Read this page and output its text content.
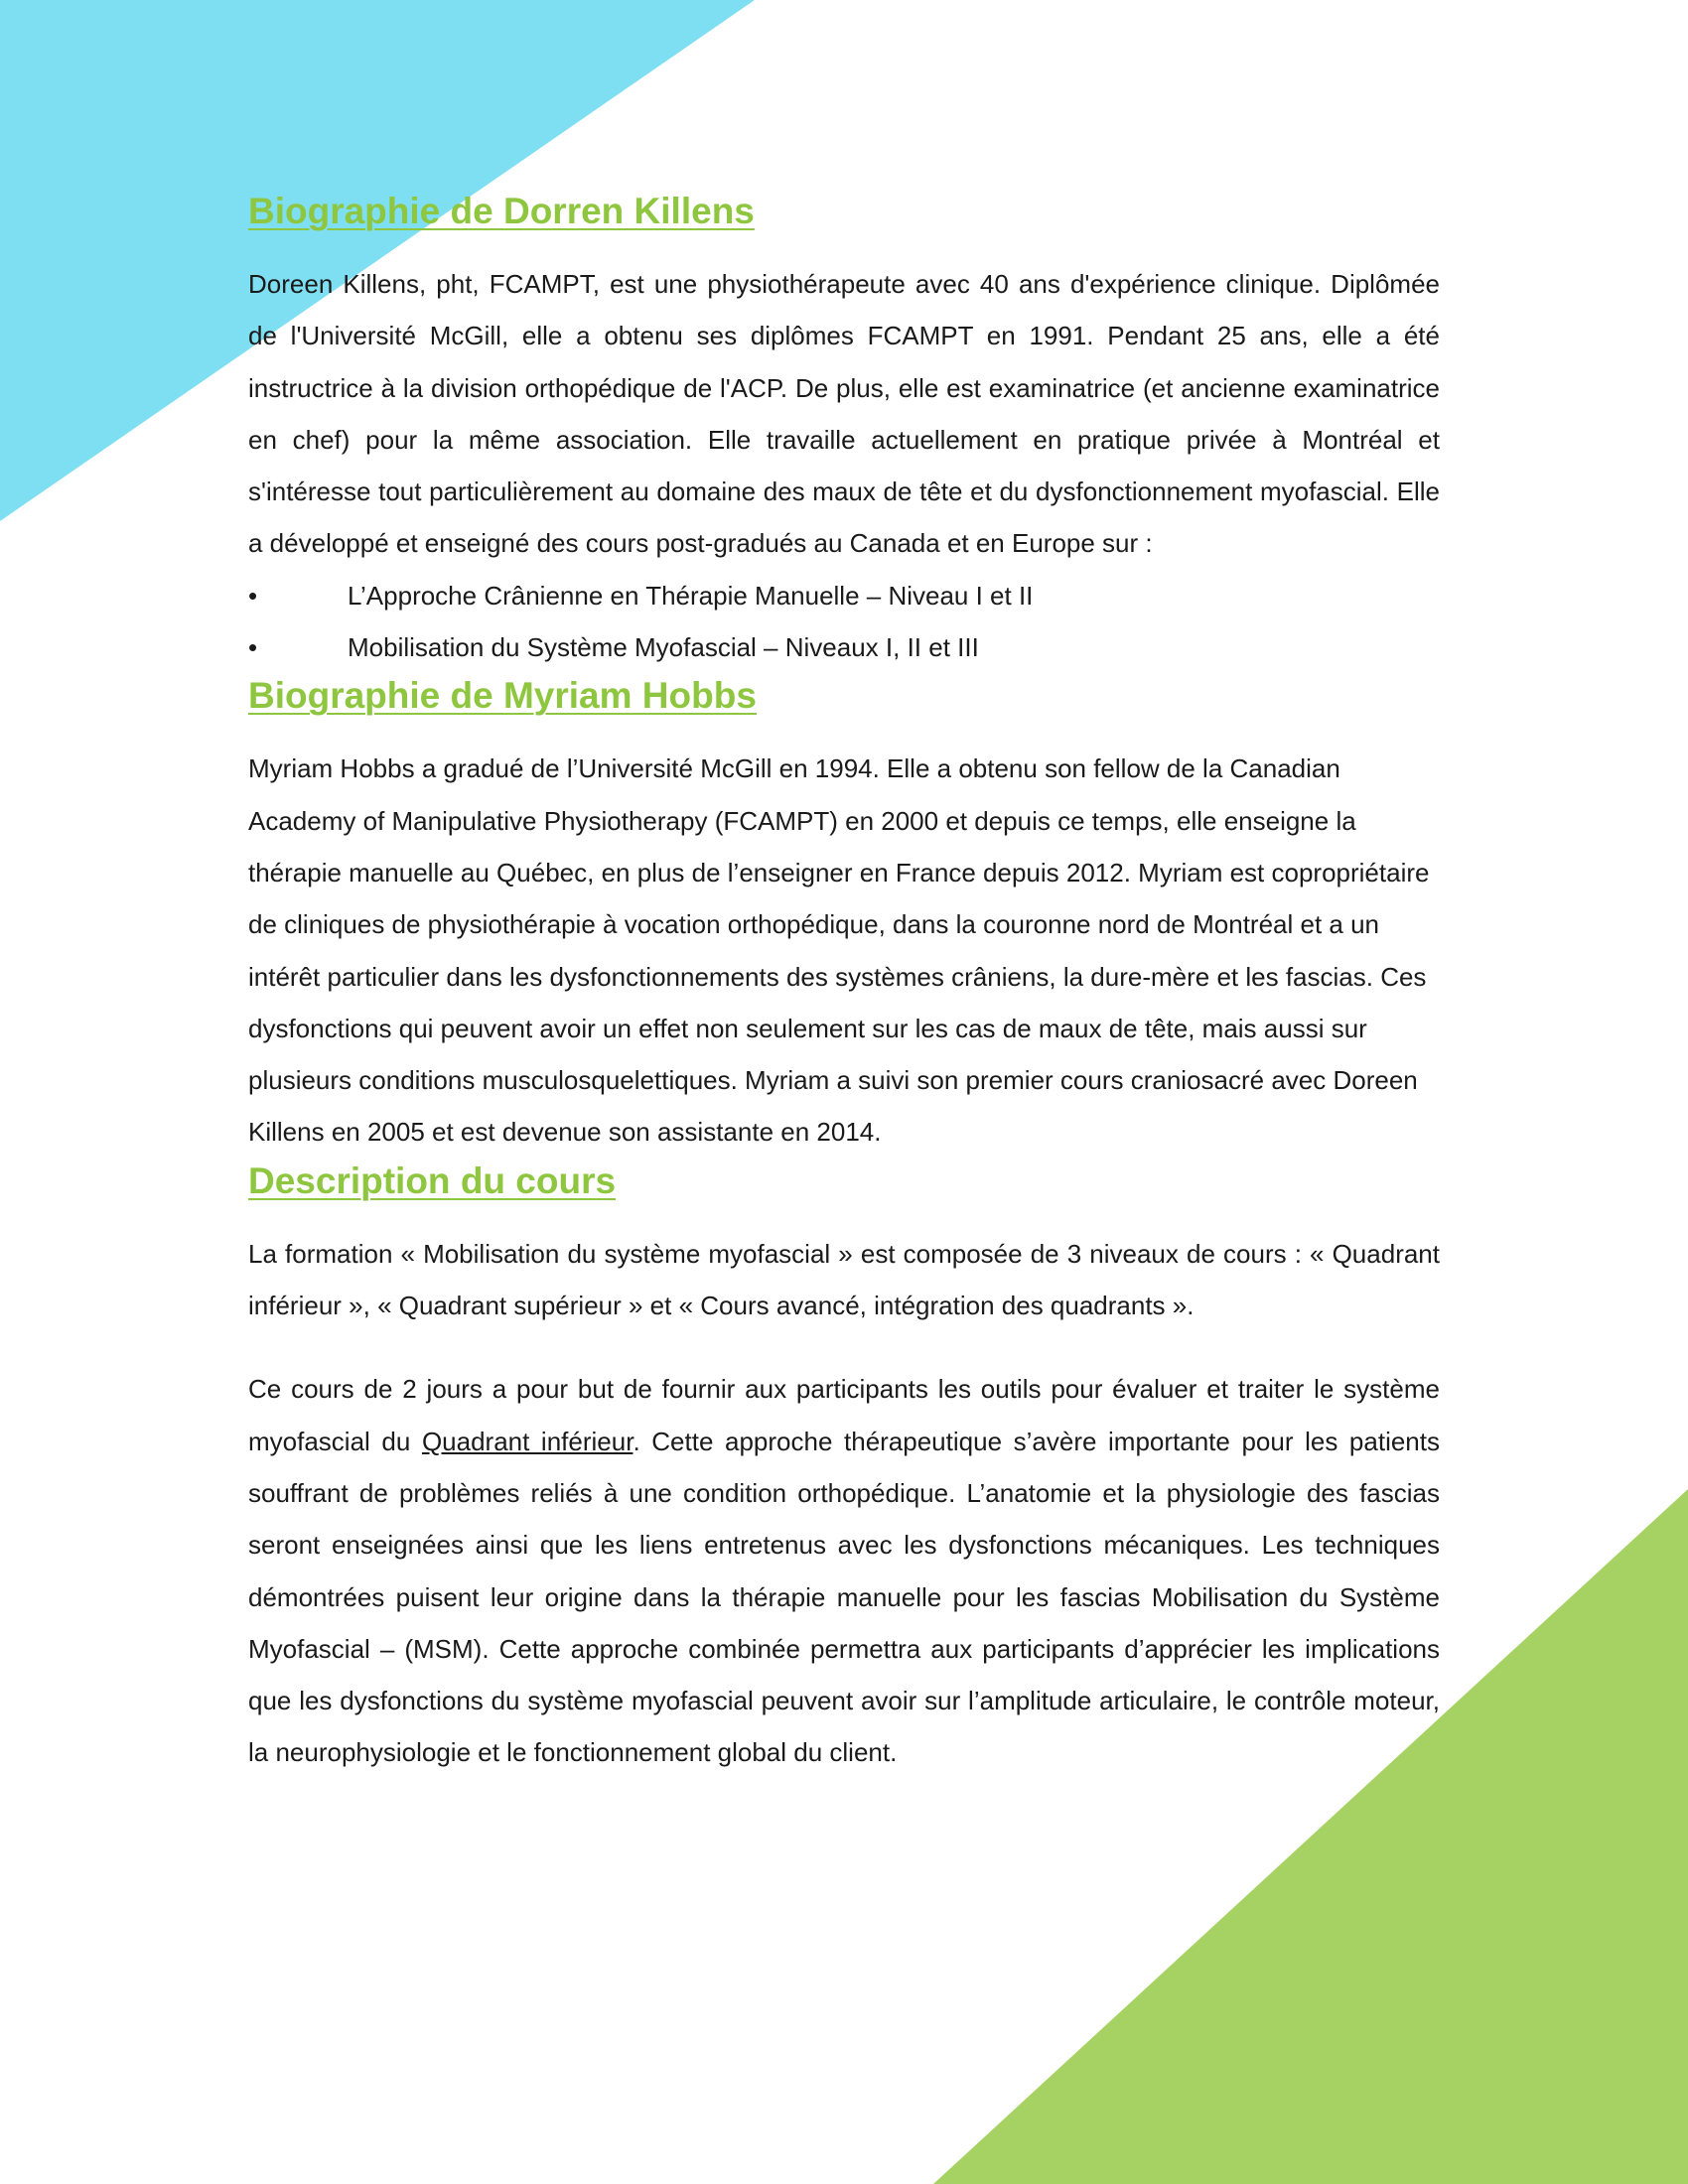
Biographie de Dorren Killens

Doreen Killens, pht, FCAMPT, est une physiothérapeute avec 40 ans d'expérience clinique. Diplômée de l'Université McGill, elle a obtenu ses diplômes FCAMPT en 1991. Pendant 25 ans, elle a été instructrice à la division orthopédique de l'ACP. De plus, elle est examinatrice (et ancienne examinatrice en chef) pour la même association. Elle travaille actuellement en pratique privée à Montréal et s'intéresse tout particulièrement au domaine des maux de tête et du dysfonctionnement myofascial. Elle a développé et enseigné des cours post-gradués au Canada et en Europe sur :

•	L’Approche Crânienne en Thérapie Manuelle – Niveau I et II
•	Mobilisation du Système Myofascial – Niveaux I, II et III
Biographie de Myriam Hobbs

Myriam Hobbs a gradué de l’Université McGill en 1994. Elle a obtenu son fellow de la Canadian Academy of Manipulative Physiotherapy (FCAMPT) en 2000 et depuis ce temps, elle enseigne la thérapie manuelle au Québec, en plus de l’enseigner en France depuis 2012. Myriam est copropriétaire de cliniques de physiothérapie à vocation orthopédique, dans la couronne nord de Montréal et a un intérêt particulier dans les dysfonctionnements des systèmes crâniens, la dure-mère et les fascias. Ces dysfonctions qui peuvent avoir un effet non seulement sur les cas de maux de tête, mais aussi sur plusieurs conditions musculosquelettiques. Myriam a suivi son premier cours craniosacré avec Doreen Killens en 2005 et est devenue son assistante en 2014.

Description du cours

La formation « Mobilisation du système myofascial » est composée de 3 niveaux de cours : « Quadrant inférieur », « Quadrant supérieur » et « Cours avancé, intégration des quadrants ».

Ce cours de 2 jours a pour but de fournir aux participants les outils pour évaluer et traiter le système myofascial du Quadrant inférieur. Cette approche thérapeutique s’avère importante pour les patients souffrant de problèmes reliés à une condition orthopédique. L’anatomie et la physiologie des fascias seront enseignées ainsi que les liens entretenus avec les dysfonctions mécaniques. Les techniques démontrées puisent leur origine dans la thérapie manuelle pour les fascias Mobilisation du Système Myofascial – (MSM). Cette approche combinée permettra aux participants d’apprécier les implications que les dysfonctions du système myofascial peuvent avoir sur l’amplitude articulaire, le contrôle moteur, la neurophysiologie et le fonctionnement global du client.
